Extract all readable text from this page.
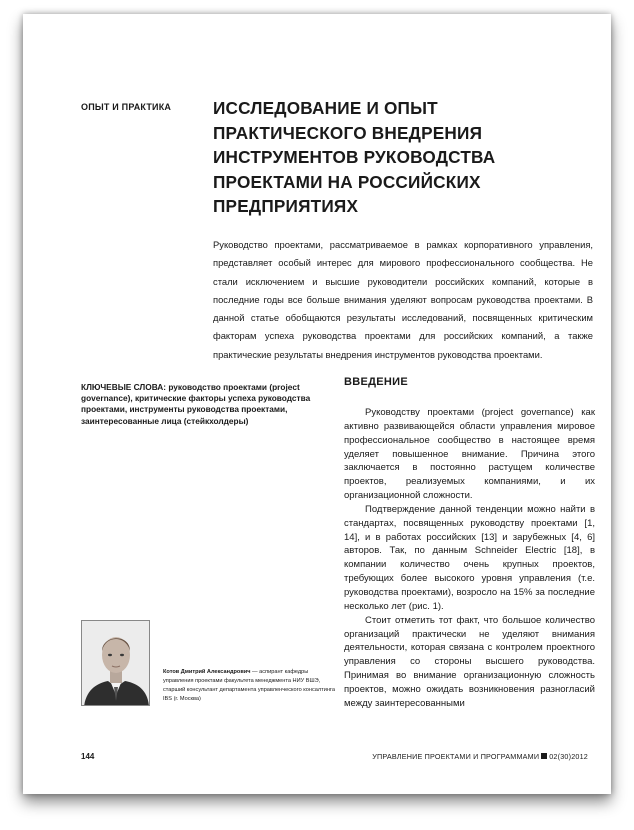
ОПЫТ И ПРАКТИКА ИССЛЕДОВАНИЕ И ОПЫТ ПРАКТИЧЕСКОГО ВНЕДРЕНИЯ ИНСТРУМЕНТОВ РУКОВОДСТВА ПРОЕКТАМИ НА РОССИЙСКИХ ПРЕДПРИЯТИЯХ

Руководство проектами, рассматриваемое в рамках корпоративного управления, представляет особый интерес для мирового профессионального сообщества. Не стали исключением и высшие руководители российских компаний, которые в последние годы все больше внимания уделяют вопросам руководства проектами. В данной статье обобщаются результаты исследований, посвященных критическим факторам успеха руководства проектами для российских компаний, а также практические результаты внедрения инструментов руководства проектами.

КЛЮЧЕВЫЕ СЛОВА: руководство проектами (project governance), критические факторы успеха руководства проектами, инструменты руководства проектами, заинтересованные лица (стейкхолдеры)

ВВЕДЕНИЕ

Руководству проектами (project governance) как активно развивающейся области управления мировое профессиональное сообщество в настоящее время уделяет повышенное внимание. Причина этого заключается в постоянно растущем количестве проектов, реализуемых компаниями, и их организационной сложности.

Подтверждение данной тенденции можно найти в стандартах, посвященных руководству проектами [1, 14], и в работах российских [13] и зарубежных [4, 6] авторов. Так, по данным Schneider Electric [18], в компании количество очень крупных проектов, требующих более высокого уровня управления (т.е. руководства проектами), возросло на 15% за последние несколько лет (рис. 1).

Стоит отметить тот факт, что большое количество организаций практически не уделяют внимания деятельности, которая связана с контролем проектного управления со стороны высшего руководства. Принимая во внимание организационную сложность проектов, можно ожидать возникновения разногласий между заинтересованными

Котов Дмитрий Александрович — аспирант кафедры управления проектами факультета менеджмента НИУ ВШЭ, старший консультант департамента управленческого консалтинга IBS (г. Москва)
144	УПРАВЛЕНИЕ ПРОЕКТАМИ И ПРОГРАММАМИ 02(30)2012
